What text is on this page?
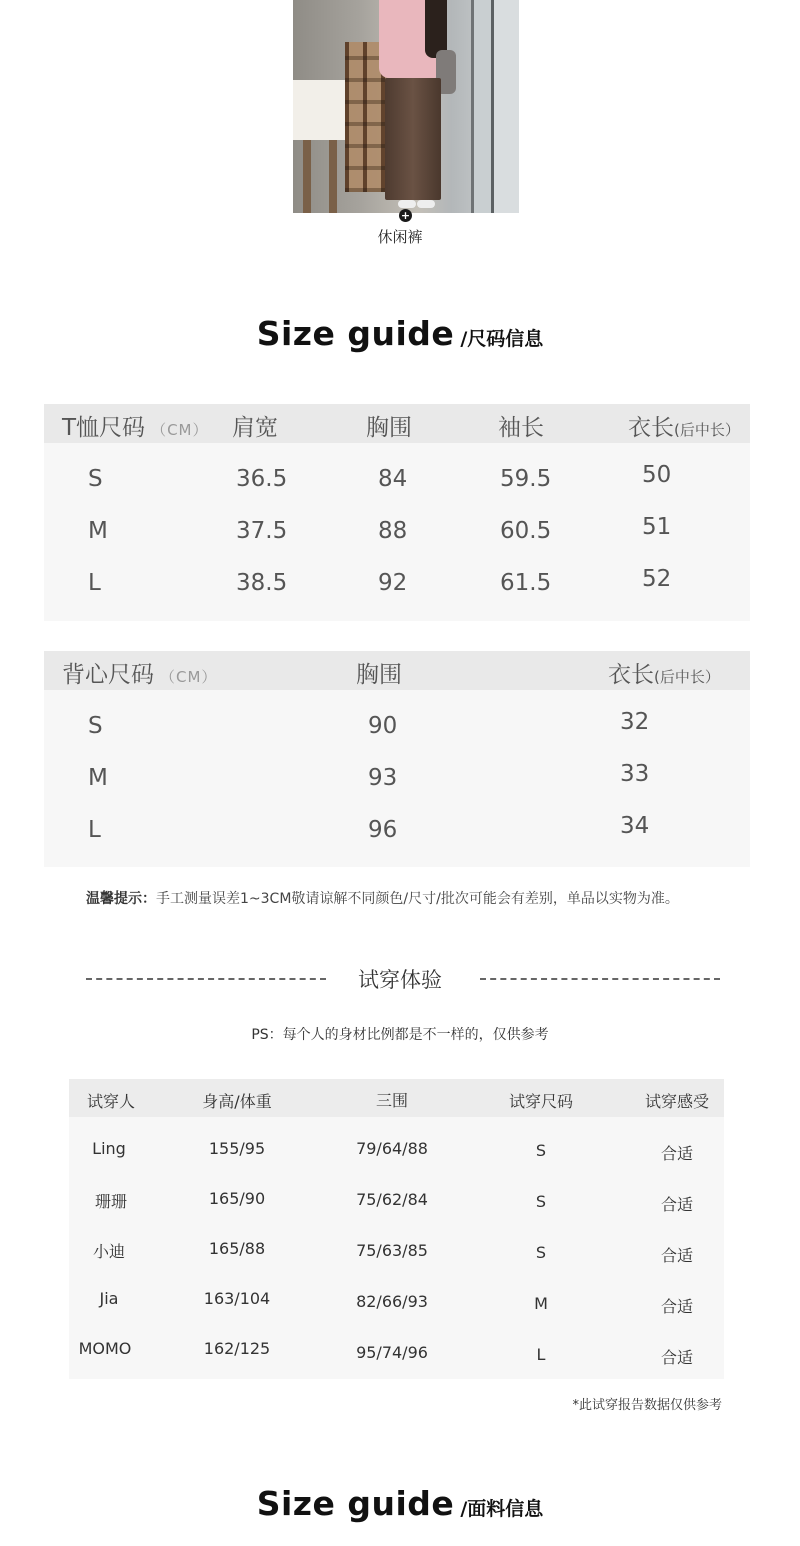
+
休闲裤
Size guide /尺码信息
T恤尺码 （CM） 肩宽	胸围	袖长	衣长(后中长）
S	36.5	84	59.5	50
M	37.5	88	60.5	51
L	38.5	92	61.5	52
背心尺码 （CM）	胸围	衣长(后中长）
S	90	32
M	93	33
L	96	34
温馨提示：手工测量误差1~3CM敬请谅解不同颜色/尺寸/批次可能会有差别，单品以实物为准。
试穿体验
PS：每个人的身材比例都是不一样的，仅供参考
试穿人	身高/体重	三围	试穿尺码	试穿感受
Ling	155/95	79/64/88	S	合适
珊珊	165/90	75/62/84	S	合适
小迪	165/88	75/63/85	S	合适
Jia	163/104	82/66/93	M	合适
MOMO	162/125	95/74/96	L	合适
*此试穿报告数据仅供参考
Size guide /面料信息
